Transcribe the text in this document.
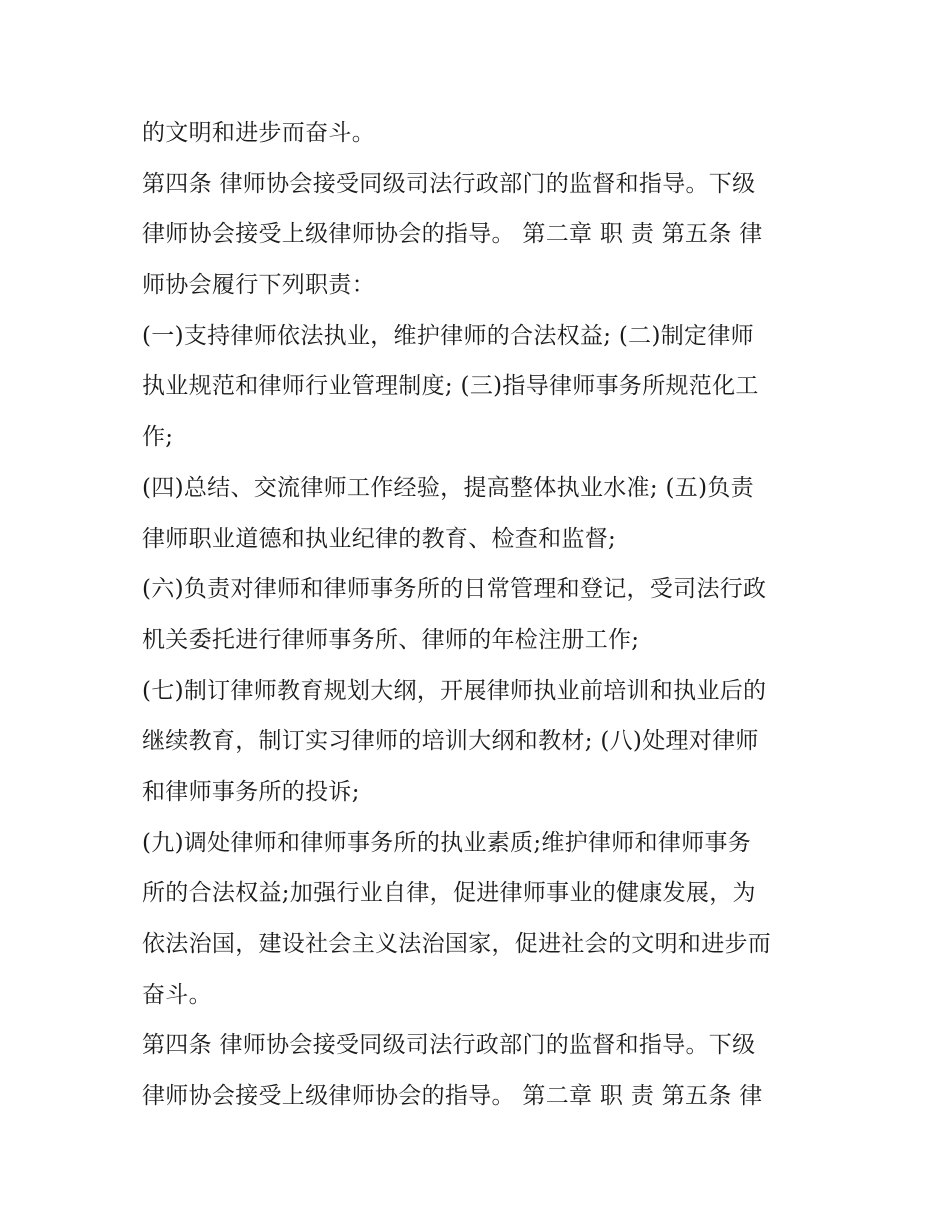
的文明和进步而奋斗。
第四条 律师协会接受同级司法行政部门的监督和指导。下级
律师协会接受上级律师协会的指导。 第二章 职 责 第五条 律
师协会履行下列职责：
(一)支持律师依法执业，维护律师的合法权益; (二)制定律师
执业规范和律师行业管理制度; (三)指导律师事务所规范化工
作;
(四)总结、交流律师工作经验，提高整体执业水准; (五)负责
律师职业道德和执业纪律的教育、检查和监督;
(六)负责对律师和律师事务所的日常管理和登记，受司法行政
机关委托进行律师事务所、律师的年检注册工作;
(七)制订律师教育规划大纲，开展律师执业前培训和执业后的
继续教育，制订实习律师的培训大纲和教材; (八)处理对律师
和律师事务所的投诉;
(九)调处律师和律师事务所的执业素质;维护律师和律师事务
所的合法权益;加强行业自律，促进律师事业的健康发展，为
依法治国，建设社会主义法治国家，促进社会的文明和进步而
奋斗。
第四条 律师协会接受同级司法行政部门的监督和指导。下级
律师协会接受上级律师协会的指导。 第二章 职 责 第五条 律
